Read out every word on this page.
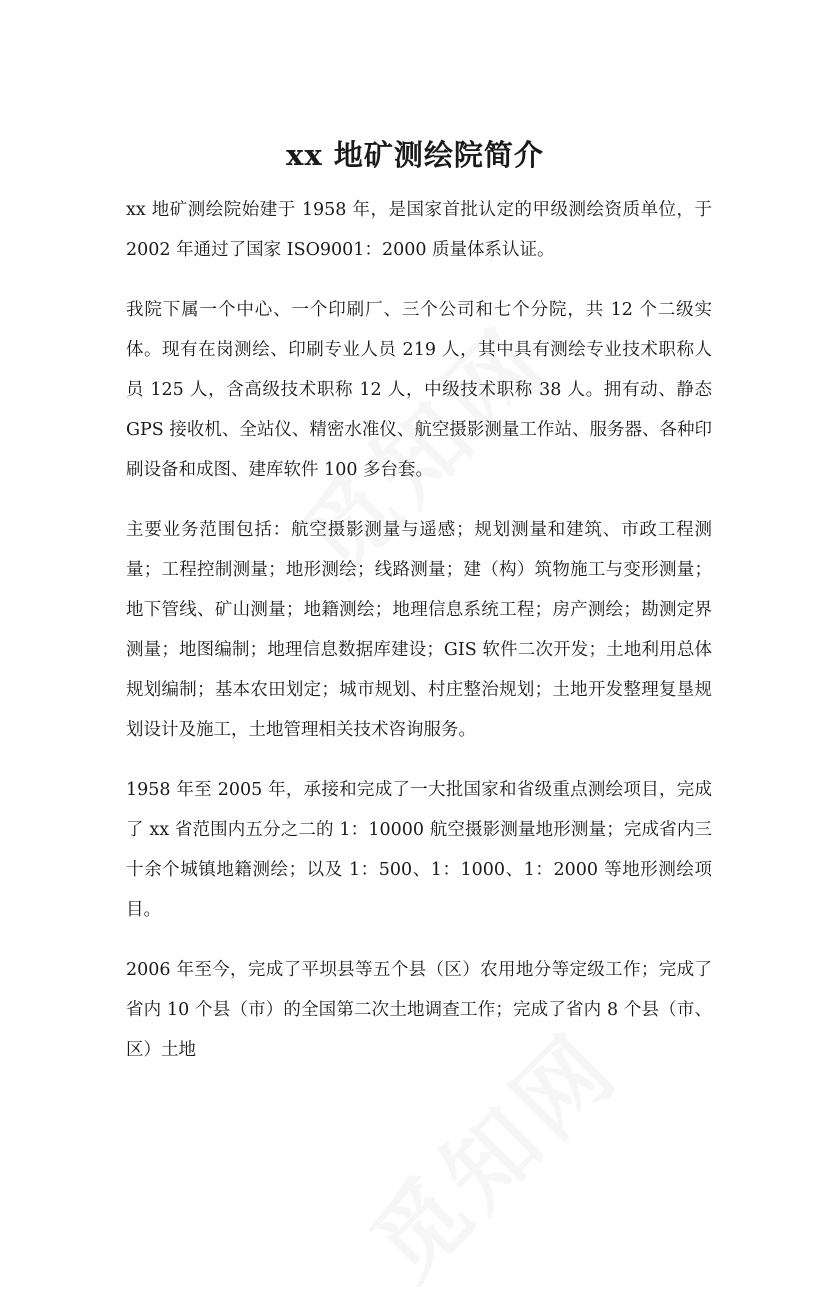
xx 地矿测绘院简介

xx 地矿测绘院始建于 1958 年，是国家首批认定的甲级测绘资质单位，于 2002 年通过了国家 ISO9001：2000 质量体系认证。

我院下属一个中心、一个印刷厂、三个公司和七个分院，共 12 个二级实体。现有在岗测绘、印刷专业人员 219 人，其中具有测绘专业技术职称人员 125 人，含高级技术职称 12 人，中级技术职称 38 人。拥有动、静态 GPS 接收机、全站仪、精密水准仪、航空摄影测量工作站、服务器、各种印刷设备和成图、建库软件 100 多台套。

主要业务范围包括：航空摄影测量与遥感；规划测量和建筑、市政工程测量；工程控制测量；地形测绘；线路测量；建（构）筑物施工与变形测量；地下管线、矿山测量；地籍测绘；地理信息系统工程；房产测绘；勘测定界测量；地图编制；地理信息数据库建设；GIS 软件二次开发；土地利用总体规划编制；基本农田划定；城市规划、村庄整治规划；土地开发整理复垦规划设计及施工，土地管理相关技术咨询服务。

1958 年至 2005 年，承接和完成了一大批国家和省级重点测绘项目，完成了 xx 省范围内五分之二的 1：10000 航空摄影测量地形测量；完成省内三十余个城镇地籍测绘；以及 1：500、1：1000、1：2000 等地形测绘项目。

2006 年至今，完成了平坝县等五个县（区）农用地分等定级工作；完成了省内 10 个县（市）的全国第二次土地调查工作；完成了省内 8 个县（市、区）土地
